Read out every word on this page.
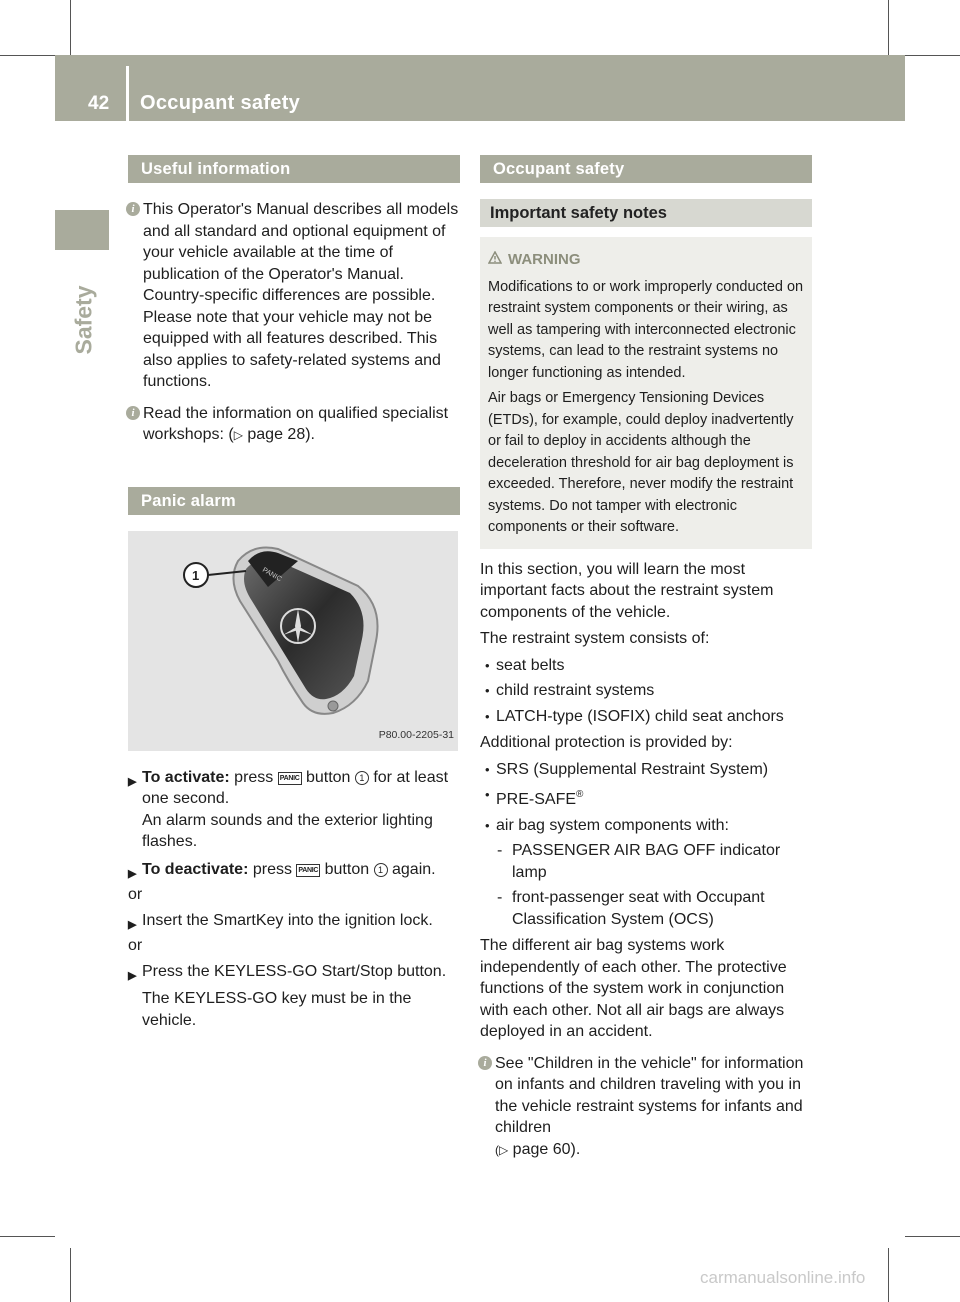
42 Occupant safety
Safety
Useful information

i This Operator's Manual describes all models and all standard and optional equipment of your vehicle available at the time of publication of the Operator's Manual. Country-specific differences are possible. Please note that your vehicle may not be equipped with all features described. This also applies to safety-related systems and functions.

i Read the information on qualified specialist workshops: (▷ page 28).

Panic alarm
PANIC
1
P80.00-2205-31

▶ To activate: press PANIC button 1 for at least one second.

An alarm sounds and the exterior lighting flashes.

▶ To deactivate: press PANIC button 1 again.

or

▶ Insert the SmartKey into the ignition lock.

or

▶ Press the KEYLESS-GO Start/Stop button.

The KEYLESS-GO key must be in the vehicle.

Occupant safety
Important safety notes

WARNING

Modifications to or work improperly conducted on restraint system components or their wiring, as well as tampering with interconnected electronic systems, can lead to the restraint systems no longer functioning as intended.

Air bags or Emergency Tensioning Devices (ETDs), for example, could deploy inadvertently or fail to deploy in accidents although the deceleration threshold for air bag deployment is exceeded. Therefore, never modify the restraint systems. Do not tamper with electronic components or their software.

In this section, you will learn the most important facts about the restraint system components of the vehicle.

The restraint system consists of:

• seat belts

• child restraint systems

• LATCH-type (ISOFIX) child seat anchors

Additional protection is provided by:

• SRS (Supplemental Restraint System)

• PRE-SAFE®

• air bag system components with:

- PASSENGER AIR BAG OFF indicator lamp

- front-passenger seat with Occupant Classification System (OCS)

The different air bag systems work independently of each other. The protective functions of the system work in conjunction with each other. Not all air bags are always deployed in an accident.

i See "Children in the vehicle" for information on infants and children traveling with you in the vehicle restraint systems for infants and children
(▷ page 60).

carmanualsonline.info
